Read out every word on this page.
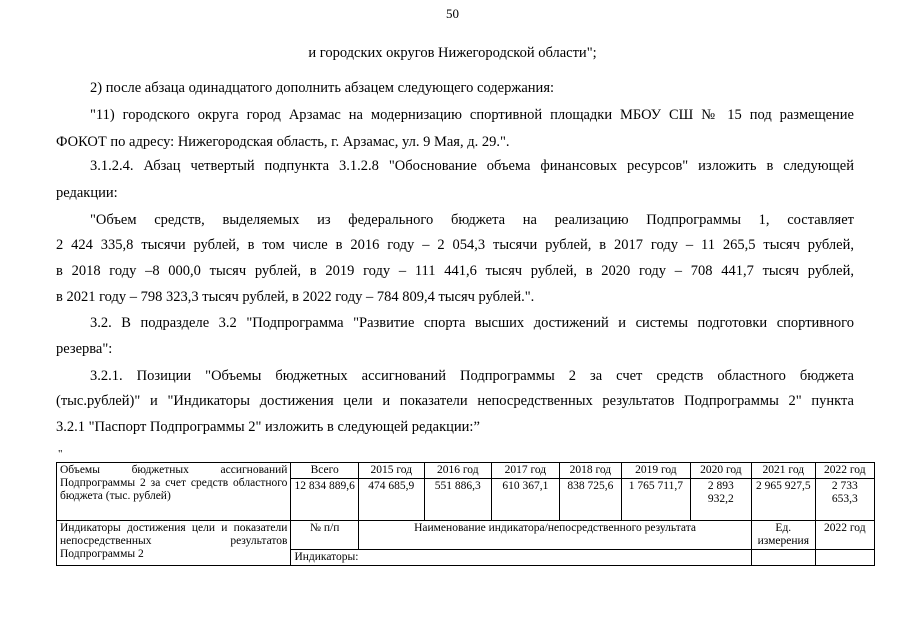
50
и городских округов Нижегородской области";
2) после абзаца одинадцатого дополнить абзацем следующего содержания:
"11) городского округа город Арзамас на модернизацию спортивной площадки МБОУ СШ № 15 под размещение
ФОКОТ по адресу: Нижегородская область, г. Арзамас, ул. 9 Мая, д. 29.".
3.1.2.4. Абзац четвертый подпункта 3.1.2.8 "Обоснование объема финансовых ресурсов" изложить в следующей
редакции:
"Объем средств, выделяемых из федерального бюджета на реализацию Подпрограммы 1, составляет
2 424 335,8 тысячи рублей, в том числе в 2016 году – 2 054,3 тысячи рублей, в 2017 году – 11 265,5 тысяч рублей,
в 2018 году –8 000,0 тысяч рублей, в 2019 году – 111 441,6 тысяч рублей, в 2020 году – 708 441,7 тысяч рублей,
в 2021 году – 798 323,3 тысяч рублей, в 2022 году – 784 809,4 тысяч рублей.".
3.2. В подразделе 3.2 "Подпрограмма "Развитие спорта высших достижений и системы подготовки спортивного
резерва":
3.2.1. Позиции "Объемы бюджетных ассигнований Подпрограммы 2 за счет средств областного бюджета
(тыс.рублей)" и "Индикаторы достижения цели и показатели непосредственных результатов Подпрограммы 2" пункта
3.2.1 "Паспорт Подпрограммы 2" изложить в следующей редакции:”
"
Объемы бюджетных ассигнований Подпрограммы 2 за счет средств областного бюджета (тыс. рублей)	Всего	2015 год	2016 год	2017 год	2018 год	2019 год	2020 год	2021 год	2022 год
	12 834 889,6	474 685,9	551 886,3	610 367,1	838 725,6	1 765 711,7	2 893 932,2	2 965 927,5	2 733 653,3
Индикаторы достижения цели и показатели непосредственных результатов Подпрограммы 2	№ п/п	Наименование индикатора/непосредственного результата						Ед. измерения	2022 год
	Индикаторы:								
